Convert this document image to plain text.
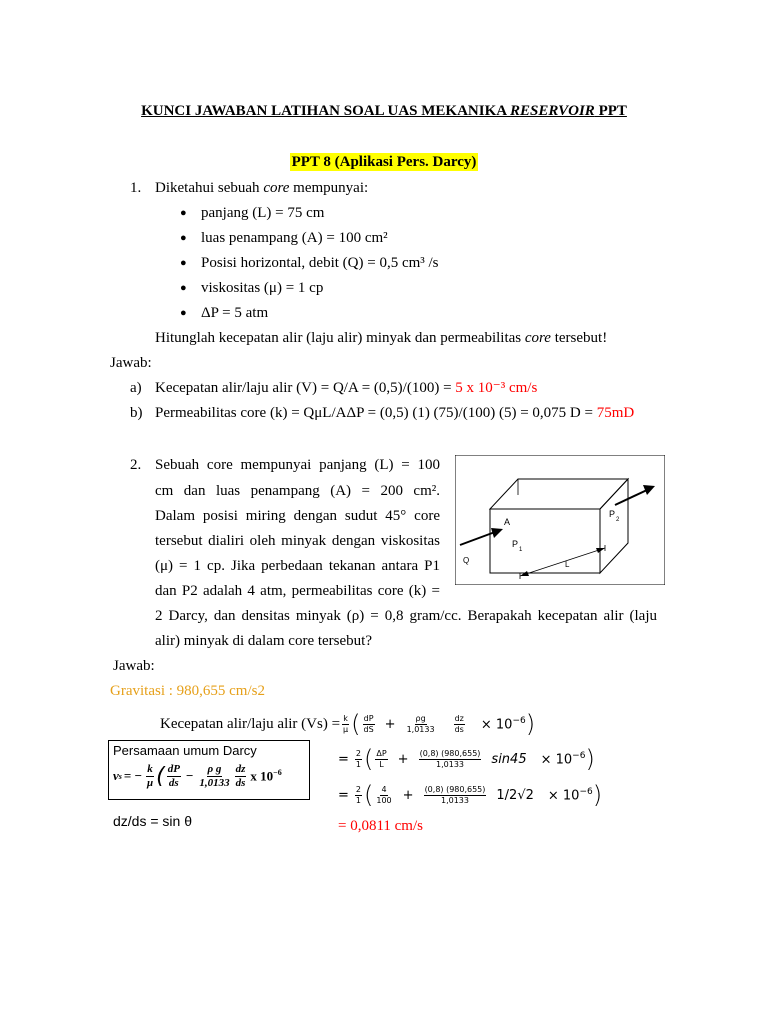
KUNCI JAWABAN LATIHAN SOAL UAS MEKANIKA RESERVOIR PPT
PPT 8 (Aplikasi Pers. Darcy)
1. Diketahui sebuah core mempunyai:
● panjang (L) = 75 cm
● luas penampang (A) = 100 cm²
● Posisi horizontal, debit (Q) = 0,5 cm³ /s
● viskositas (μ) = 1 cp
● ΔP = 5 atm
Hitunglah kecepatan alir (laju alir) minyak dan permeabilitas core tersebut!
Jawab:
a) Kecepatan alir/laju alir (V) = Q/A = (0,5)/(100) = 5 x 10⁻³ cm/s
b) Permeabilitas core (k) = QμL/AΔP = (0,5) (1) (75)/(100) (5) = 0,075 D = 75mD
2. Sebuah core mempunyai panjang (L) = 100
cm dan luas penampang (A) = 200 cm².
Dalam posisi miring dengan sudut 45° core
tersebut dialiri oleh minyak dengan viskositas
(μ) = 1 cp. Jika perbedaan tekanan antara P1
dan P2 adalah 4 atm, permeabilitas core (k) =
2 Darcy, dan densitas minyak (ρ) = 0,8 gram/cc. Berapakah kecepatan alir (laju
alir) minyak di dalam core tersebut?
A
P
1
P
2
Q	L
Jawab:
Gravitasi : 980,655 cm/s2
Kecepatan alir/laju alir $(Vs) = \frac{k}{\mu}$ ( $\frac{dP}{dS} + \frac{\rho g}{1,0133} \frac{dz}{ds} \times 10^{-6}$ )
= $\frac{2}{1}$ ( $\frac{\Delta P}{L} + \frac{(0,8) (980,655)}{1,0133} \sin 45 \times 10^{-6}$ )
= $\frac{2}{1}$ ( $\frac{4}{100} + \frac{(0,8) (980,655)}{1,0133} 1/2√2 \times 10^{-6}$ )
= 0,0811 cm/s
Persamaan umum Darcy
v s = − $\frac{k}{\mu}$ ( $\frac{dP}{ds} - \frac{\text{ρ g}}{1,0133} \frac{dz}{ds}$ x $10^{-6}$
dz/ds = sin θ
